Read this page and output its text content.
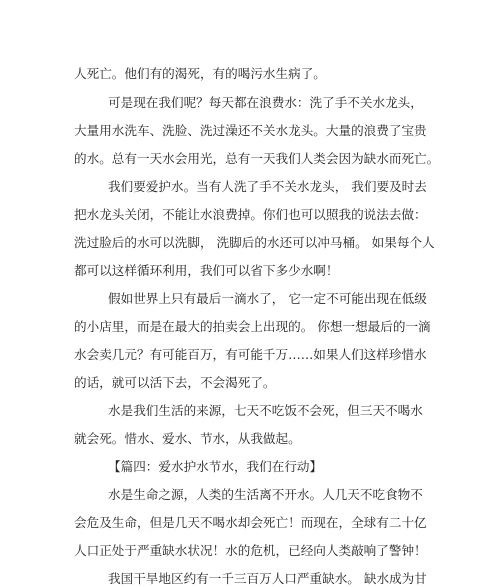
人死亡。他们有的渴死，有的喝污水生病了。
可是现在我们呢？每天都在浪费水：洗了手不关水龙头，
大量用水洗车、洗脸、洗过澡还不关水龙头。大量的浪费了宝贵
的水。总有一天水会用光，总有一天我们人类会因为缺水而死亡。
我们要爱护水。当有人洗了手不关水龙头， 我们要及时去
把水龙头关闭，不能让水浪费掉。你们也可以照我的说法去做：
洗过脸后的水可以洗脚， 洗脚后的水还可以冲马桶。 如果每个人
都可以这样循环利用，我们可以省下多少水啊！
假如世界上只有最后一滴水了， 它一定不可能出现在低级
的小店里，而是在最大的拍卖会上出现的。 你想一想最后的一滴
水会卖几元？有可能百万，有可能千万……如果人们这样珍惜水
的话，就可以活下去，不会渴死了。
水是我们生活的来源，七天不吃饭不会死，但三天不喝水
就会死。惜水、爱水、节水，从我做起。
【篇四：爱水护水节水，我们在行动】
水是生命之源，人类的生活离不开水。人几天不吃食物不
会危及生命，但是几天不喝水却会死亡！而现在，全球有二十亿
人口正处于严重缺水状况！水的危机，已经向人类敲响了警钟！
我国干旱地区约有一千三百万人口严重缺水。 缺水成为甘
